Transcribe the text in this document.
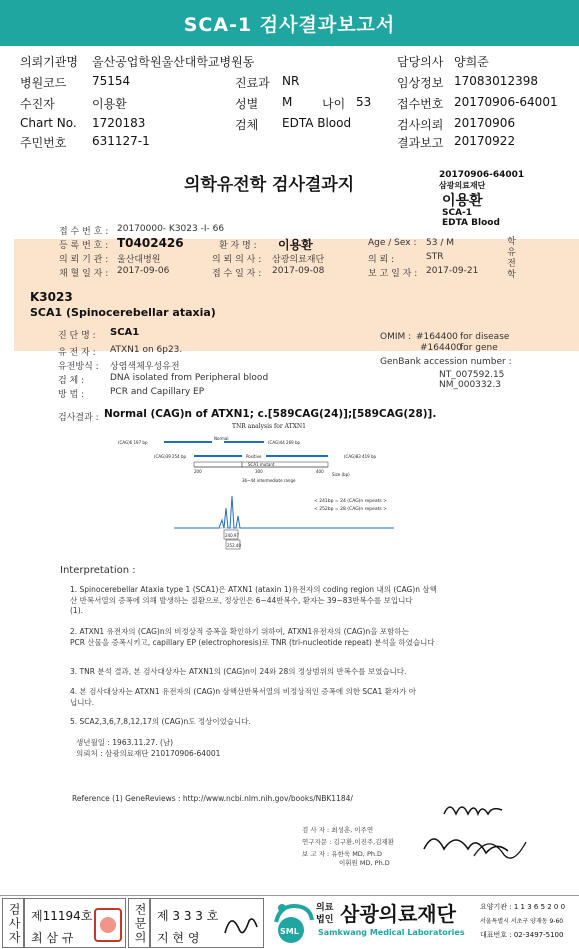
SCA-1 검사결과보고서
의뢰기관명 울산공업학원울산대학교병원동	담당의사 양희준
병원코드 75154	진료과 NR	임상정보 17083012398
수진자	이용환	성별 M 나이 53 접수번호 20170906-64001
Chart No. 1720183	검체 EDTA Blood	검사의뢰 20170906
주민번호 631127-1	결과보고 20170922
의학유전학 검사결과지	20170906-64001
삼광의료재단
이용환
SCA-1
EDTA Blood
접 수 번 호 : 20170000- K3023 -I- 66
등 록 번 호 : T0402426	환 자 명 : 이용환	Age / Sex : 53 / M
의 뢰 기 관 : 울산대병원	의 뢰 의 사 : 삼광의료재단	의 뢰 :	STR
채 혈 일 자 : 2017-09-06	접 수 일 자 : 2017-09-08	보 고 일 자 : 2017-09-21	학유전학
K3023
SCA1 (Spinocerebellar ataxia)
진 단 명 : SCA1
유 전 자 : ATXN1 on 6p23.
유전방식 : 상염색체우성유전
검 체 :	DNA isolated from Peripheral blood
방 법 :	PCR and Capillary EP
OMIM : #164400 for disease
#164400
for gene
GenBank accession number :
NT_007592.15
NM_000332.3
검사결과 : Normal (CAG)n of ATXN1; c.[589CAG(24)];[589CAG(28)].
TNR analysis for ATXN1
(CAG)6 197 bp
Normal
(CAG)44 269 bp
(CAG)39 254 bp	Positive	(CAG)83 419 bp
SCA1 mutant
200	300	400
Size (bp)
36~44 intermediate range
< 241bp = 24 (CAG)n repeats >
< 252bp = 28 (CAG)n repeats >
240.97
252.40
Interpretation :
1. Spinocerebellar Ataxia type 1 (SCA1)은 ATXN1 (ataxin 1)유전자의 coding region 내의 (CAG)n 삼핵
산 반복서열의 증폭에 의해 발생하는 질환으로, 정상인은 6~44반복수, 환자는 39~83반복수를 보입니다
(1).
2. ATXN1 유전자의 (CAG)n의 비정상적 증폭을 확인하기 위하여, ATXN1유전자의 (CAG)n을 포함하는
PCR 산물을 증폭시키고, capillary EP (electrophoresis)로 TNR (tri-nucleotide repeat) 분석을 하였습니다
3. TNR 분석 결과, 본 검사대상자는 ATXN1의 (CAG)n이 24와 28의 정상범위의 반복수를 보였습니다.
4. 본 검사대상자는 ATXN1 유전자의 (CAG)n 삼핵산반복서열의 비정상적인 증폭에 의한 SCA1 환자가 아
닙니다.
5. SCA2,3,6,7,8,12,17의 (CAG)n도 정상이었습니다.
생년월일 : 1963.11.27. (남)
의뢰처 : 삼광의료재단 210170906-64001
Reference (1) GeneReviews : http://www.ncbi.nlm.nih.gov/books/NBK1184/
검 사 자 : 최성훈, 이주연
연구자문 : 김구환,이진주,김재환
보 고 자 : 유한욱 MD, Ph.D
이휘원 MD, Ph.D
검사자 제11194호
최 삼 규	전문의 제 3 3 3 호
지 현 영	SML
의료법인 삼광의료재단
Samkwang Medical Laboratories
요양기관 : 1 1 3 6 5 2 0 0
서울특별시 서초구 양재동 9-60
대표번호 : 02-3497-5100
